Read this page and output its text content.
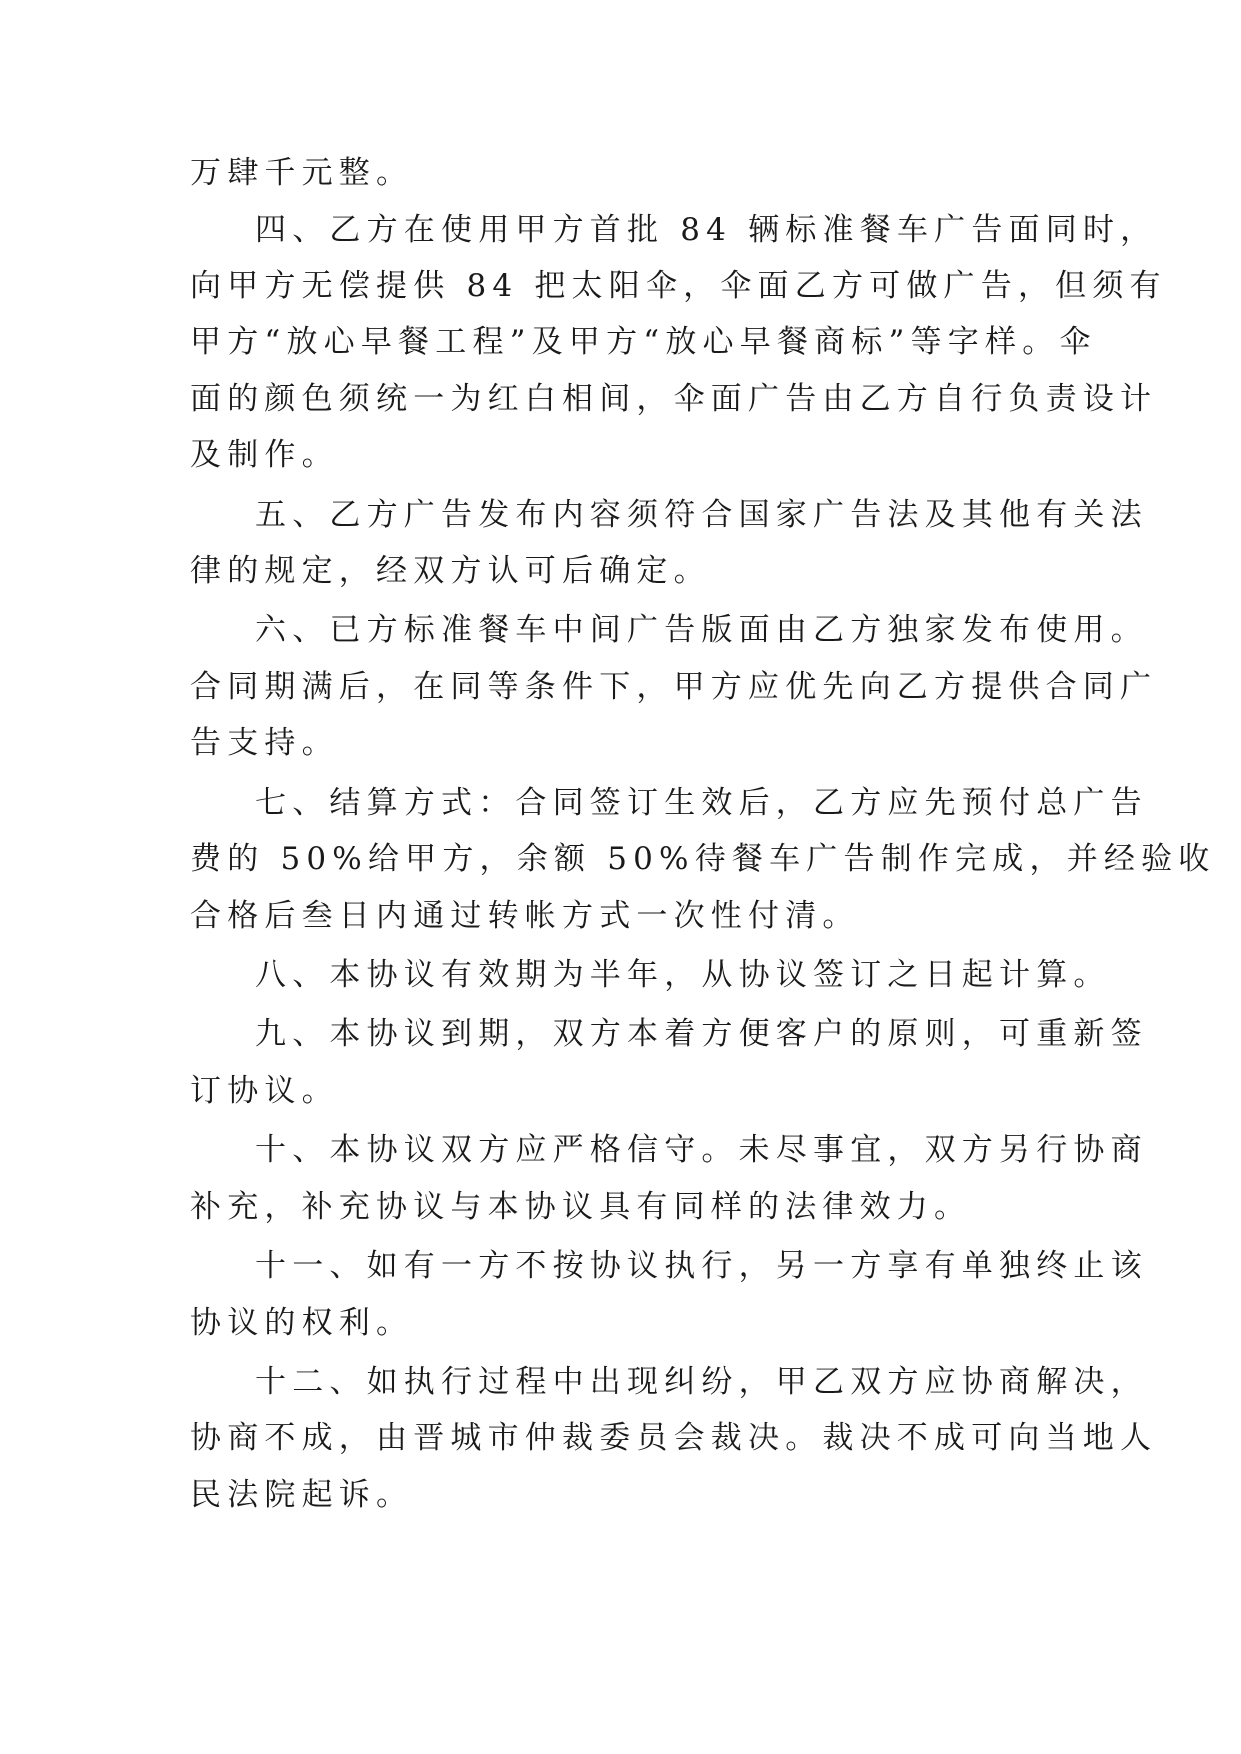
万肆千元整。
四、乙方在使用甲方首批 84 辆标准餐车广告面同时，
向甲方无偿提供 84 把太阳伞，伞面乙方可做广告，但须有
甲方“放心早餐工程”及甲方“放心早餐商标”等字样。伞
面的颜色须统一为红白相间，伞面广告由乙方自行负责设计
及制作。
五、乙方广告发布内容须符合国家广告法及其他有关法
律的规定，经双方认可后确定。
六、已方标准餐车中间广告版面由乙方独家发布使用。
合同期满后，在同等条件下，甲方应优先向乙方提供合同广
告支持。
七、结算方式：合同签订生效后，乙方应先预付总广告
费的 50%给甲方，余额 50%待餐车广告制作完成，并经验收
合格后叁日内通过转帐方式一次性付清。
八、本协议有效期为半年，从协议签订之日起计算。
九、本协议到期，双方本着方便客户的原则，可重新签
订协议。
十、本协议双方应严格信守。未尽事宜，双方另行协商
补充，补充协议与本协议具有同样的法律效力。
十一、如有一方不按协议执行，另一方享有单独终止该
协议的权利。
十二、如执行过程中出现纠纷，甲乙双方应协商解决，
协商不成，由晋城市仲裁委员会裁决。裁决不成可向当地人
民法院起诉。
